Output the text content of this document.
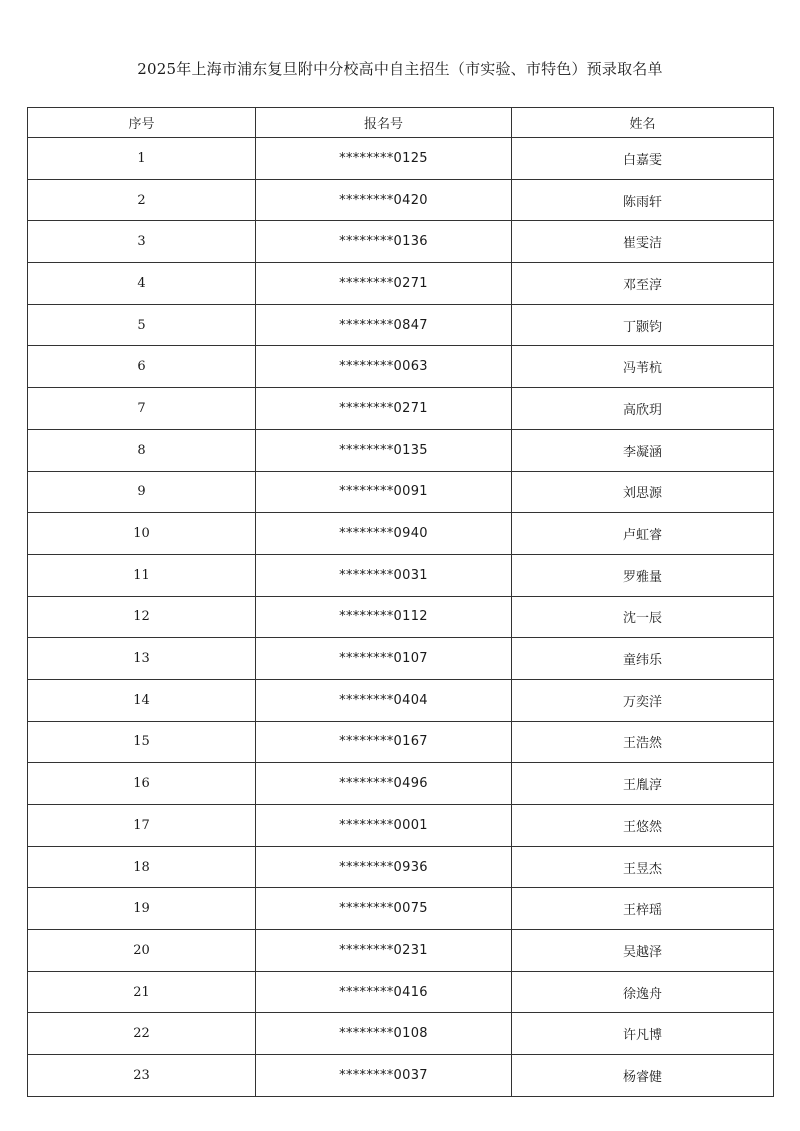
2025年上海市浦东复旦附中分校高中自主招生（市实验、市特色）预录取名单
序号	报名号	姓名
1	********0125	白嘉雯
2	********0420	陈雨轩
3	********0136	崔雯洁
4	********0271	邓至淳
5	********0847	丁颢钧
6	********0063	冯苇杭
7	********0271	高欣玥
8	********0135	李凝涵
9	********0091	刘思源
10	********0940	卢虹睿
11	********0031	罗雅量
12	********0112	沈一辰
13	********0107	童纬乐
14	********0404	万奕洋
15	********0167	王浩然
16	********0496	王胤淳
17	********0001	王悠然
18	********0936	王昱杰
19	********0075	王梓瑶
20	********0231	吴越泽
21	********0416	徐逸舟
22	********0108	许凡博
23	********0037	杨睿健
